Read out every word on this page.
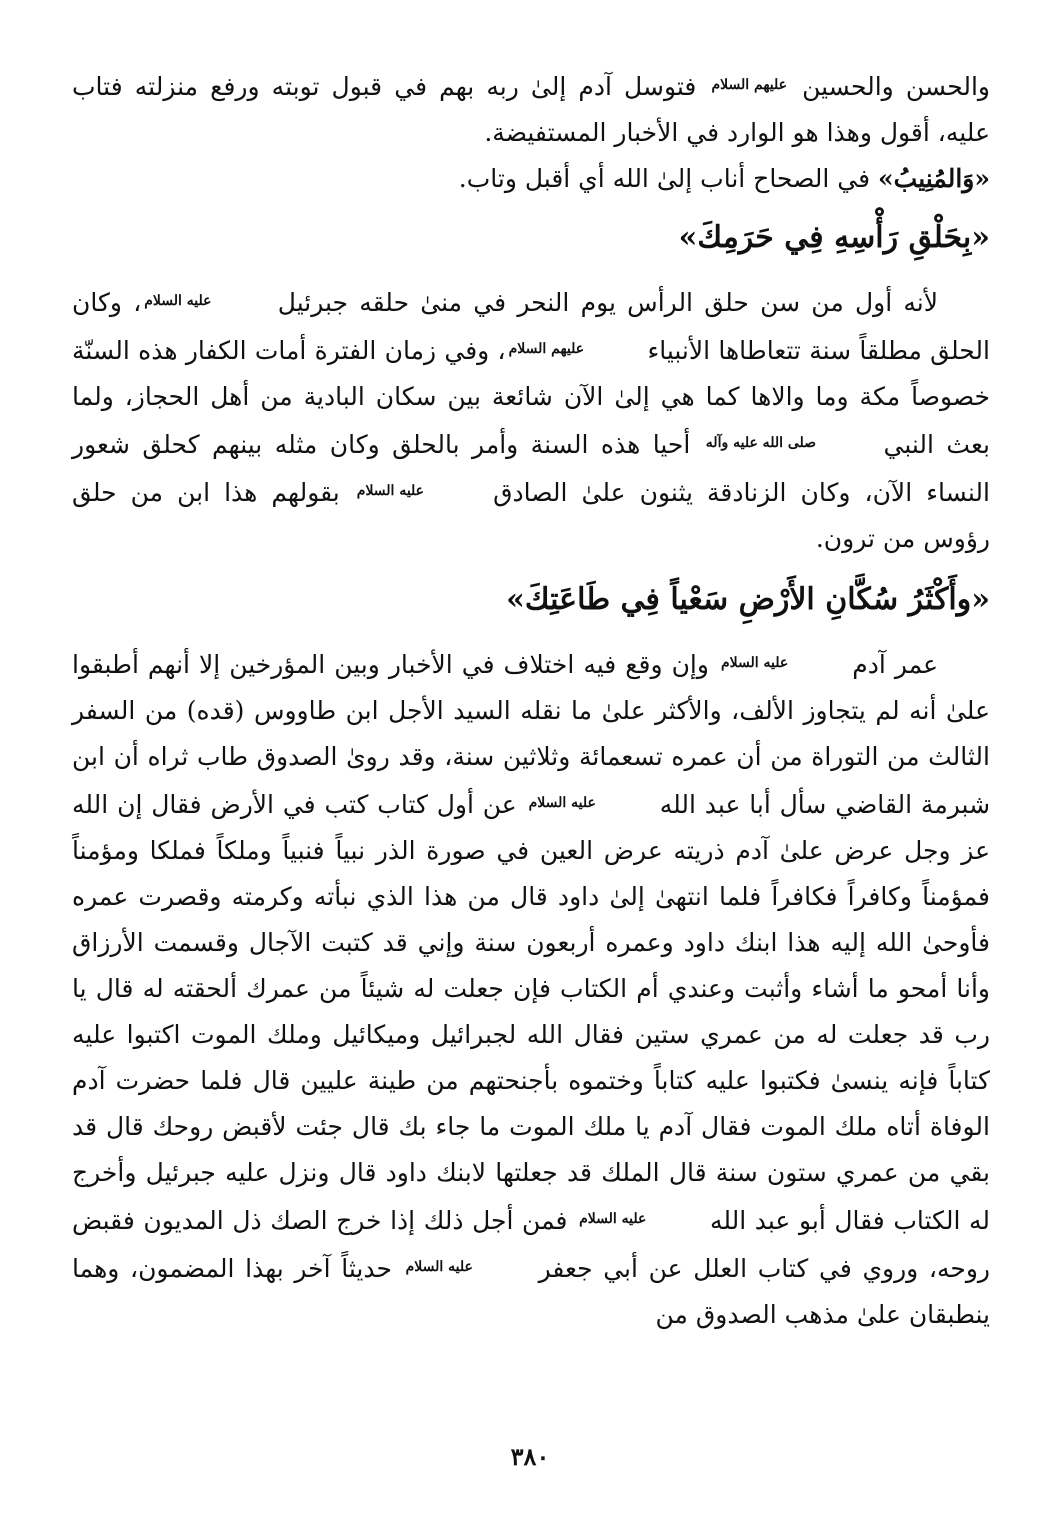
والحسن والحسين عليهم السلام فتوسل آدم إلىٰ ربه بهم في قبول توبته ورفع منزلته فتاب عليه، أقول وهذا هو الوارد في الأخبار المستفيضة.

«وَالمُنِيبُ» في الصحاح أناب إلىٰ الله أي أقبل وتاب.

«بِحَلْقِ رَأْسِهِ فِي حَرَمِكَ»

لأنه أول من سن حلق الرأس يوم النحر في منىٰ حلقه جبرئيل عليه السلام، وكان الحلق مطلقاً سنة تتعاطاها الأنبياء عليهم السلام، وفي زمان الفترة أمات الكفار هذه السنّة خصوصاً مكة وما والاها كما هي إلىٰ الآن شائعة بين سكان البادية من أهل الحجاز، ولما بعث النبي صلى الله عليه وآله أحيا هذه السنة وأمر بالحلق وكان مثله بينهم كحلق شعور النساء الآن، وكان الزنادقة يثنون علىٰ الصادق عليه السلام بقولهم هذا ابن من حلق رؤوس من ترون.

«وأَكْثَرُ سُكَّانِ الأَرْضِ سَعْياً فِي طَاعَتِكَ»

عمر آدم عليه السلام وإن وقع فيه اختلاف في الأخبار وبين المؤرخين إلا أنهم أطبقوا علىٰ أنه لم يتجاوز الألف، والأكثر علىٰ ما نقله السيد الأجل ابن طاووس (قده) من السفر الثالث من التوراة من أن عمره تسعمائة وثلاثين سنة، وقد روىٰ الصدوق طاب ثراه أن ابن شبرمة القاضي سأل أبا عبد الله عليه السلام عن أول كتاب كتب في الأرض فقال إن الله عز وجل عرض علىٰ آدم ذريته عرض العين في صورة الذر نبياً فنبياً وملكاً فملكا ومؤمناً فمؤمناً وكافراً فكافراً فلما انتهىٰ إلىٰ داود قال من هذا الذي نبأته وكرمته وقصرت عمره فأوحىٰ الله إليه هذا ابنك داود وعمره أربعون سنة وإني قد كتبت الآجال وقسمت الأرزاق وأنا أمحو ما أشاء وأثبت وعندي أم الكتاب فإن جعلت له شيئاً من عمرك ألحقته له قال يا رب قد جعلت له من عمري ستين فقال الله لجبرائيل وميكائيل وملك الموت اكتبوا عليه كتاباً فإنه ينسىٰ فكتبوا عليه كتاباً وختموه بأجنحتهم من طينة عليين قال فلما حضرت آدم الوفاة أتاه ملك الموت فقال آدم يا ملك الموت ما جاء بك قال جئت لأقبض روحك قال قد بقي من عمري ستون سنة قال الملك قد جعلتها لابنك داود قال ونزل عليه جبرئيل وأخرج له الكتاب فقال أبو عبد الله عليه السلام فمن أجل ذلك إذا خرج الصك ذل المديون فقبض روحه، وروي في كتاب العلل عن أبي جعفر عليه السلام حديثاً آخر بهذا المضمون، وهما ينطبقان علىٰ مذهب الصدوق من

٣٨٠
